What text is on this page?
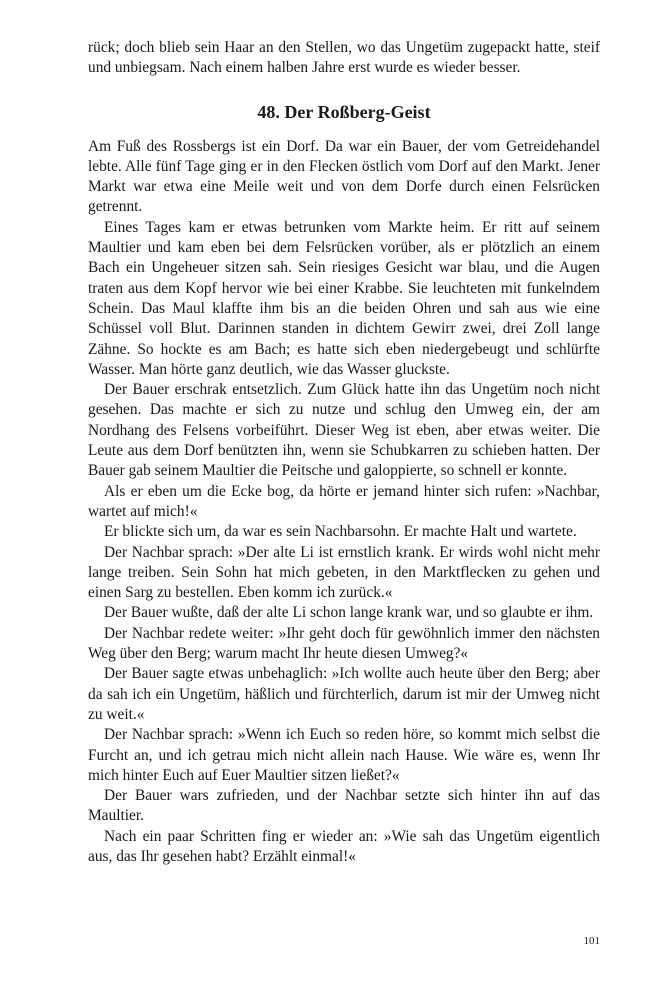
rück; doch blieb sein Haar an den Stellen, wo das Ungetüm zugepackt hatte, steif und unbiegsam. Nach einem halben Jahre erst wurde es wieder besser.

48. Der Roßberg-Geist

Am Fuß des Rossbergs ist ein Dorf. Da war ein Bauer, der vom Getreidehandel lebte. Alle fünf Tage ging er in den Flecken östlich vom Dorf auf den Markt. Jener Markt war etwa eine Meile weit und von dem Dorfe durch einen Felsrücken getrennt.

Eines Tages kam er etwas betrunken vom Markte heim. Er ritt auf seinem Maultier und kam eben bei dem Felsrücken vorüber, als er plötzlich an einem Bach ein Ungeheuer sitzen sah. Sein riesiges Gesicht war blau, und die Augen traten aus dem Kopf hervor wie bei einer Krabbe. Sie leuchteten mit funkelndem Schein. Das Maul klaffte ihm bis an die beiden Ohren und sah aus wie eine Schüssel voll Blut. Darinnen standen in dichtem Gewirr zwei, drei Zoll lange Zähne. So hockte es am Bach; es hatte sich eben niedergebeugt und schlürfte Wasser. Man hörte ganz deutlich, wie das Wasser gluckste.

Der Bauer erschrak entsetzlich. Zum Glück hatte ihn das Ungetüm noch nicht gesehen. Das machte er sich zu nutze und schlug den Umweg ein, der am Nordhang des Felsens vorbeiführt. Dieser Weg ist eben, aber etwas weiter. Die Leute aus dem Dorf benützten ihn, wenn sie Schubkarren zu schieben hatten. Der Bauer gab seinem Maultier die Peitsche und galoppierte, so schnell er konnte.

Als er eben um die Ecke bog, da hörte er jemand hinter sich rufen: »Nachbar, wartet auf mich!«

Er blickte sich um, da war es sein Nachbarsohn. Er machte Halt und wartete.

Der Nachbar sprach: »Der alte Li ist ernstlich krank. Er wirds wohl nicht mehr lange treiben. Sein Sohn hat mich gebeten, in den Marktflecken zu gehen und einen Sarg zu bestellen. Eben komm ich zurück.«

Der Bauer wußte, daß der alte Li schon lange krank war, und so glaubte er ihm.

Der Nachbar redete weiter: »Ihr geht doch für gewöhnlich immer den nächsten Weg über den Berg; warum macht Ihr heute diesen Umweg?«

Der Bauer sagte etwas unbehaglich: »Ich wollte auch heute über den Berg; aber da sah ich ein Ungetüm, häßlich und fürchterlich, darum ist mir der Umweg nicht zu weit.«

Der Nachbar sprach: »Wenn ich Euch so reden höre, so kommt mich selbst die Furcht an, und ich getrau mich nicht allein nach Hause. Wie wäre es, wenn Ihr mich hinter Euch auf Euer Maultier sitzen ließet?«

Der Bauer wars zufrieden, und der Nachbar setzte sich hinter ihn auf das Maultier.

Nach ein paar Schritten fing er wieder an: »Wie sah das Ungetüm eigentlich aus, das Ihr gesehen habt? Erzählt einmal!«

101
